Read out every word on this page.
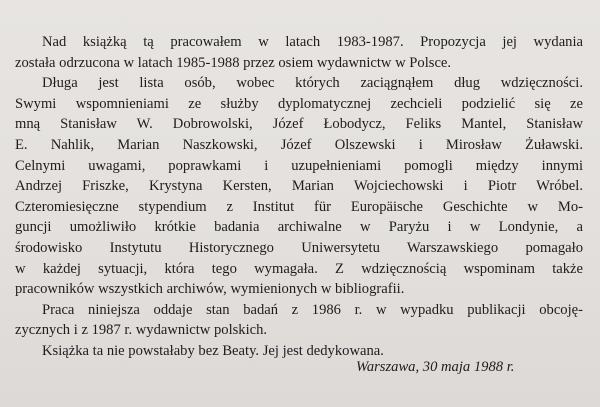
Nad książką tą pracowałem w latach 1983-1987. Propozycja jej wydania
została odrzucona w latach 1985-1988 przez osiem wydawnictw w Polsce.
Długa jest lista osób, wobec których zaciągnąłem dług wdzięczności.
Swymi wspomnieniami ze służby dyplomatycznej zechcieli podzielić się ze
mną Stanisław W. Dobrowolski, Józef Łobodycz, Feliks Mantel, Stanisław
E. Nahlik, Marian Naszkowski, Józef Olszewski i Mirosław Żuławski.
Celnymi uwagami, poprawkami i uzupełnieniami pomogli między innymi
Andrzej Friszke, Krystyna Kersten, Marian Wojciechowski i Piotr Wróbel.
Czteromiesięczne stypendium z Institut für Europäische Geschichte w Mo-
guncji umożliwiło krótkie badania archiwalne w Paryżu i w Londynie, a
środowisko Instytutu Historycznego Uniwersytetu Warszawskiego pomagało
w każdej sytuacji, która tego wymagała. Z wdzięcznością wspominam także
pracowników wszystkich archiwów, wymienionych w bibliografii.
Praca niniejsza oddaje stan badań z 1986 r. w wypadku publikacji obcoję-
zycznych i z 1987 r. wydawnictw polskich.
Książka ta nie powstałaby bez Beaty. Jej jest dedykowana.
Warszawa, 30 maja 1988 r.
